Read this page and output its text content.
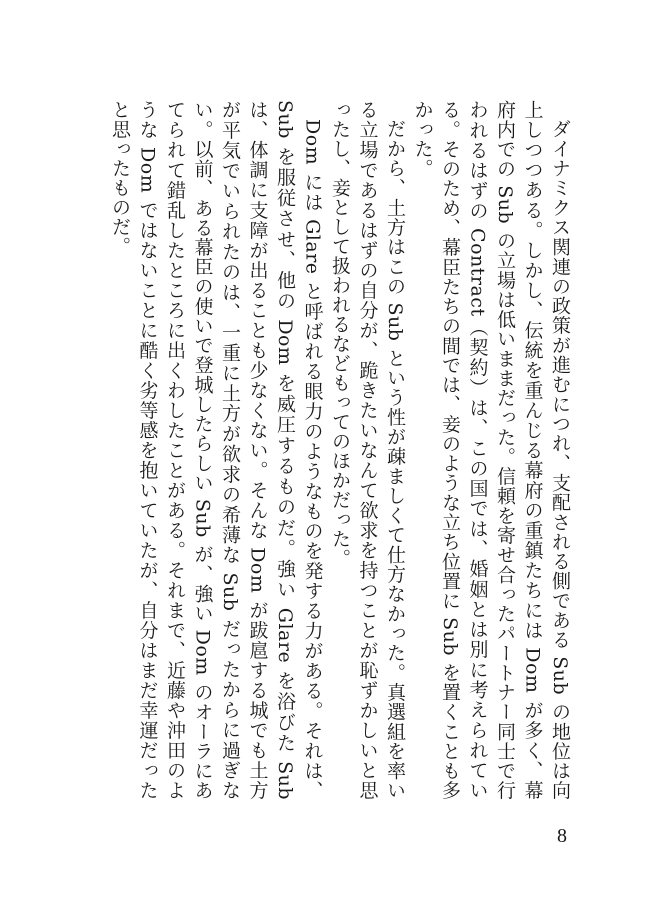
ダイナミクス関連の政策が進むにつれ、支配される側である Sub の地位は向上しつつある。しかし、伝統を重んじる幕府の重鎮たちには Dom が多く、幕府内での Sub の立場は低いままだった。信頼を寄せ合ったパートナー同士で行われるはずの Contract（契約）は、この国では、婚姻とは別に考えられている。そのため、幕臣たちの間では、妾のような立ち位置に Sub を置くことも多かった。

だから、土方はこの Sub という性が疎ましくて仕方なかった。真選組を率いる立場であるはずの自分が、跪きたいなんて欲求を持つことが恥ずかしいと思ったし、妾として扱われるなどもってのほかだった。

Dom には Glare と呼ばれる眼力のようなものを発する力がある。それは、Sub を服従させ、他の Dom を威圧するものだ。強い Glare を浴びた Sub は、体調に支障が出ることも少なくない。そんな Dom が跋扈する城でも土方が平気でいられたのは、一重に土方が欲求の希薄な Sub だったからに過ぎない。以前、ある幕臣の使いで登城したらしい Sub が、強い Dom のオーラにあてられて錯乱したところに出くわしたことがある。それまで、近藤や沖田のような Dom ではないことに酷く劣等感を抱いていたが、自分はまだ幸運だったと思ったものだ。

8
